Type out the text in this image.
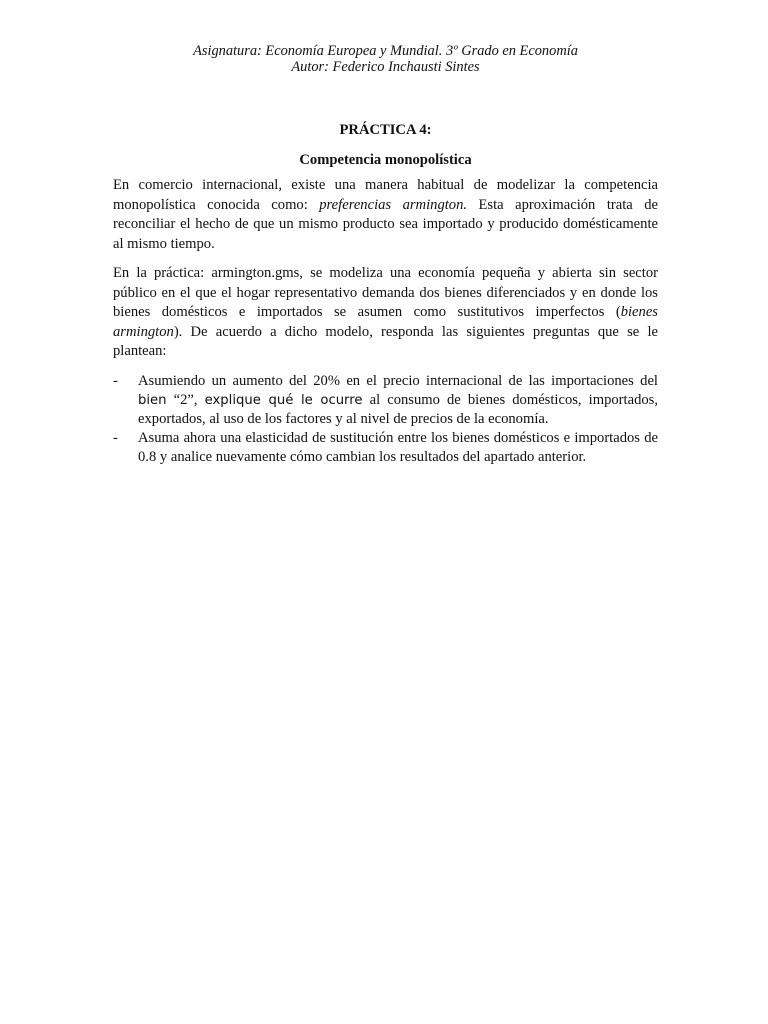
Asignatura: Economía Europea y Mundial. 3º Grado en Economía
Autor: Federico Inchausti Sintes
PRÁCTICA 4:
Competencia monopolística

En comercio internacional, existe una manera habitual de modelizar la competencia monopolística conocida como: preferencias armington. Esta aproximación trata de reconciliar el hecho de que un mismo producto sea importado y producido domésticamente al mismo tiempo.

En la práctica: armington.gms, se modeliza una economía pequeña y abierta sin sector público en el que el hogar representativo demanda dos bienes diferenciados y en donde los bienes domésticos e importados se asumen como sustitutivos imperfectos (bienes armington). De acuerdo a dicho modelo, responda las siguientes preguntas que se le plantean:

- Asumiendo un aumento del 20% en el precio internacional de las importaciones del bien “2”, explique qué le ocurre al consumo de bienes domésticos, importados, exportados, al uso de los factores y al nivel de precios de la economía.
- Asuma ahora una elasticidad de sustitución entre los bienes domésticos e importados de 0.8 y analice nuevamente cómo cambian los resultados del apartado anterior.
